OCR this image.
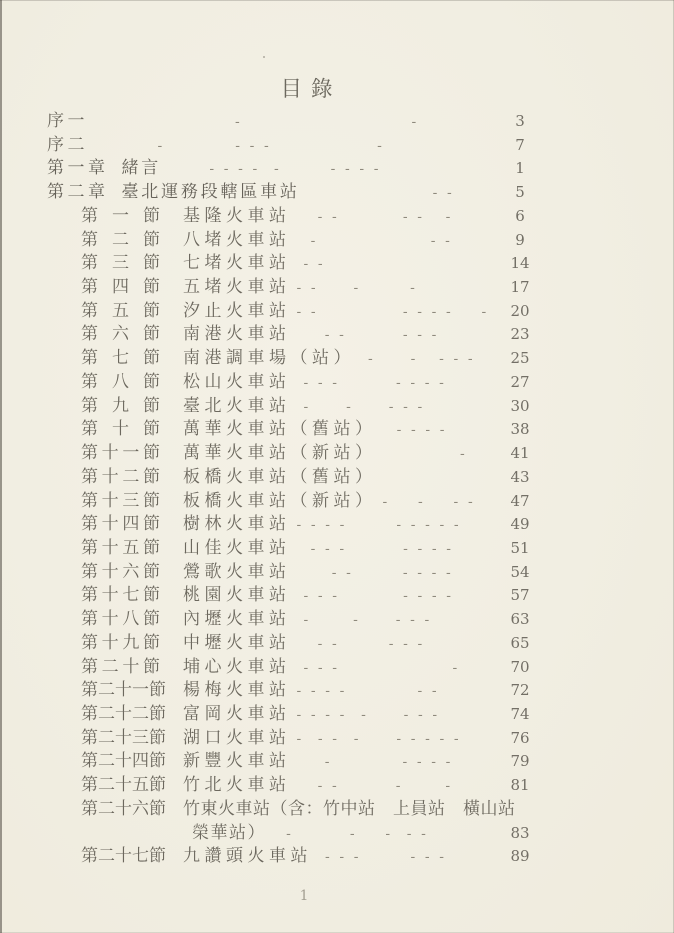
目錄
序一 -                        -	3
序二 -          - - -               -	7
第一章 緒言 - - - -  -       - - - -	1
第二章 臺北運務段轄區車站 - -	5
第 一 節 基隆火車站 - -         - -   -	6
第 二 節 八堵火車站 -                - -	9
第 三 節 七堵火車站 - -	14
第 四 節 五堵火車站 - -     -       -	17
第 五 節 汐止火車站 - -            - - - -    -	20
第 六 節 南港火車站 - -        - - -	23
第 七 節 南港調車場（站） -     -   - - -	25
第 八 節 松山火車站 - - -        - - - -	27
第 九 節 臺北火車站 -     -     - - -	30
第 十 節 萬華火車站（舊站） - - - -	38
第 十 一 節 萬華火車站（新站） -	41
第 十 二 節 板橋火車站（舊站）	43
第 十 三 節 板橋火車站（新站） -    -    - -	47
第 十 四 節 樹林火車站 - - - -       - - - - -	49
第 十 五 節 山佳火車站 - - -        - - - -	51
第 十 六 節 鶯歌火車站 - -       - - - -	54
第 十 七 節 桃園火車站 - - -         - - - -	57
第 十 八 節 內壢火車站 -      -     - - -	63
第 十 九 節 中壢火車站 - -       - - -	65
第 二 十 節 埔心火車站 - - -                -	70
第 二 十 一 節 楊梅火車站 - - - -          - -	72
第 二 十 二 節 富岡火車站 - - - -  -     - - -	74
第 二 十 三 節 湖口火車站 -  - -  -     - - - - -	76
第 二 十 四 節 新豐火車站 -          - - - -	79
第 二 十 五 節 竹北火車站 - -        -      -	81
第 二 十 六 節 竹東火車站（含：竹中站　上員站　橫山站
榮華站） -        -    -  - -	83
第 二 十 七 節 九讚頭火車站 - - -       - - -	89
1
